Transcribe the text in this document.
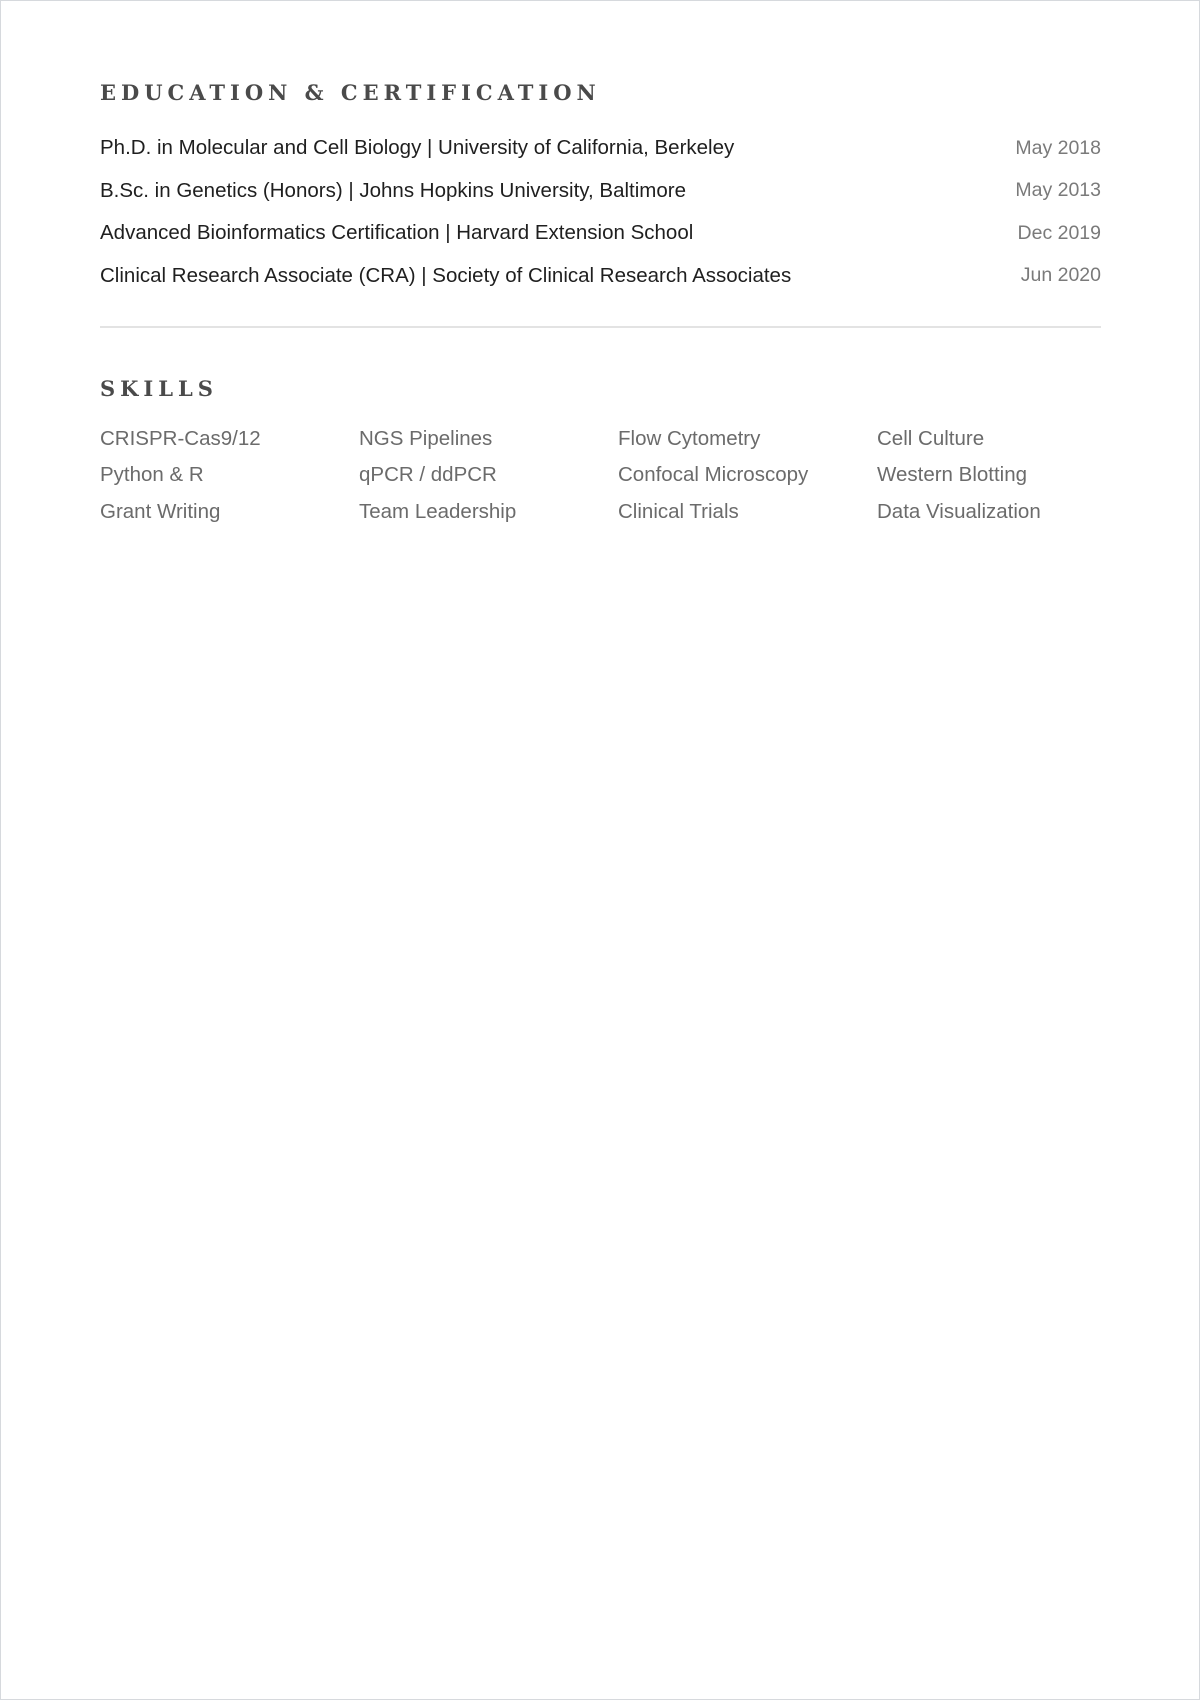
EDUCATION & CERTIFICATION
Ph.D. in Molecular and Cell Biology | University of California, Berkeley	May 2018
B.Sc. in Genetics (Honors) | Johns Hopkins University, Baltimore	May 2013
Advanced Bioinformatics Certification | Harvard Extension School	Dec 2019
Clinical Research Associate (CRA) | Society of Clinical Research Associates	Jun 2020
SKILLS
CRISPR-Cas9/12	NGS Pipelines	Flow Cytometry	Cell Culture
Python & R	qPCR / ddPCR	Confocal Microscopy	Western Blotting
Grant Writing	Team Leadership	Clinical Trials	Data Visualization
